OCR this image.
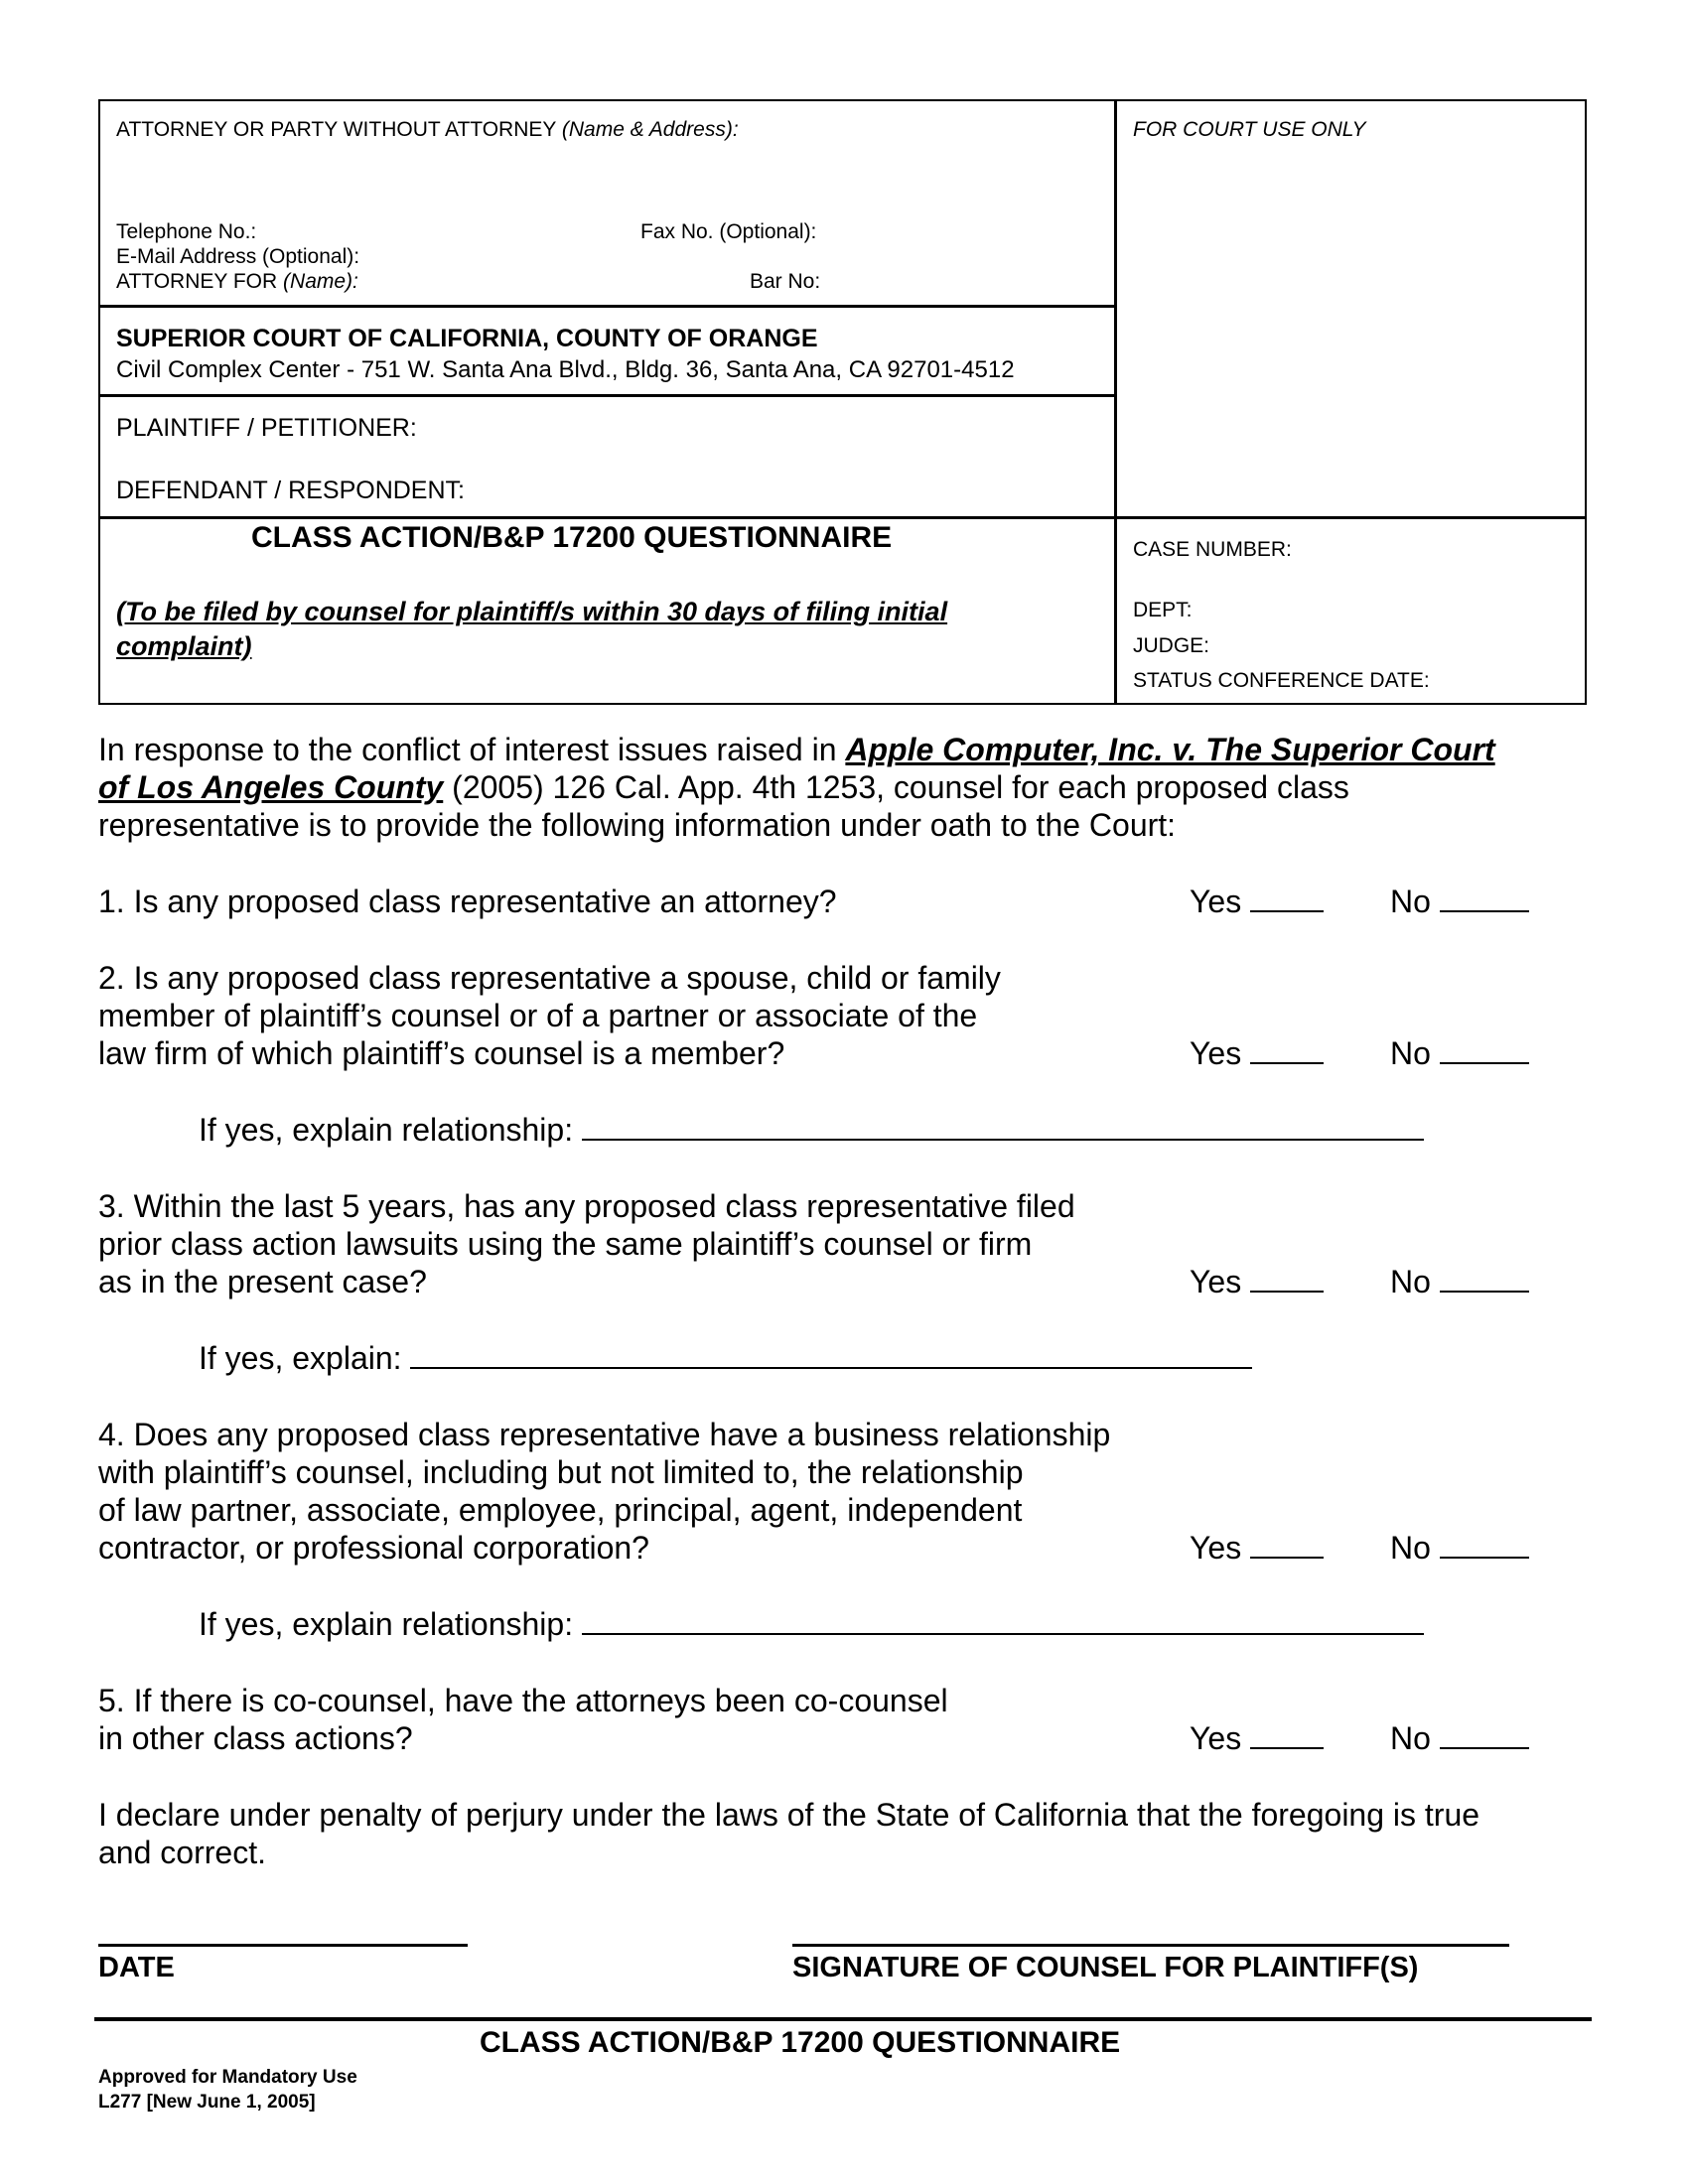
ATTORNEY OR PARTY WITHOUT ATTORNEY (Name & Address):	FOR COURT USE ONLY
Telephone No.:	Fax No. (Optional):
E-Mail Address (Optional):
ATTORNEY FOR (Name):	Bar No:
SUPERIOR COURT OF CALIFORNIA, COUNTY OF ORANGE
Civil Complex Center - 751 W. Santa Ana Blvd., Bldg. 36, Santa Ana, CA 92701-4512
PLAINTIFF / PETITIONER:
DEFENDANT / RESPONDENT:
CLASS ACTION/B&P 17200 QUESTIONNAIRE
(To be filed by counsel for plaintiff/s within 30 days of filing initial
complaint)
CASE NUMBER:
DEPT:
JUDGE:
STATUS CONFERENCE DATE:
In response to the conflict of interest issues raised in Apple Computer, Inc. v. The Superior Court
of Los Angeles County (2005) 126 Cal. App. 4th 1253, counsel for each proposed class
representative is to provide the following information under oath to the Court:
1. Is any proposed class representative an attorney?	Yes	No
2. Is any proposed class representative a spouse, child or family
member of plaintiff’s counsel or of a partner or associate of the
law firm of which plaintiff’s counsel is a member?	Yes	No
If yes, explain relationship:
3. Within the last 5 years, has any proposed class representative filed
prior class action lawsuits using the same plaintiff’s counsel or firm
as in the present case?	Yes	No
If yes, explain:
4. Does any proposed class representative have a business relationship
with plaintiff’s counsel, including but not limited to, the relationship
of law partner, associate, employee, principal, agent, independent
contractor, or professional corporation?	Yes	No
If yes, explain relationship:
5. If there is co-counsel, have the attorneys been co-counsel
in other class actions?	Yes	No
I declare under penalty of perjury under the laws of the State of California that the foregoing is true
and correct.
DATE	SIGNATURE OF COUNSEL FOR PLAINTIFF(S)
CLASS ACTION/B&P 17200 QUESTIONNAIRE
Approved for Mandatory Use
L277 [New June 1, 2005]
